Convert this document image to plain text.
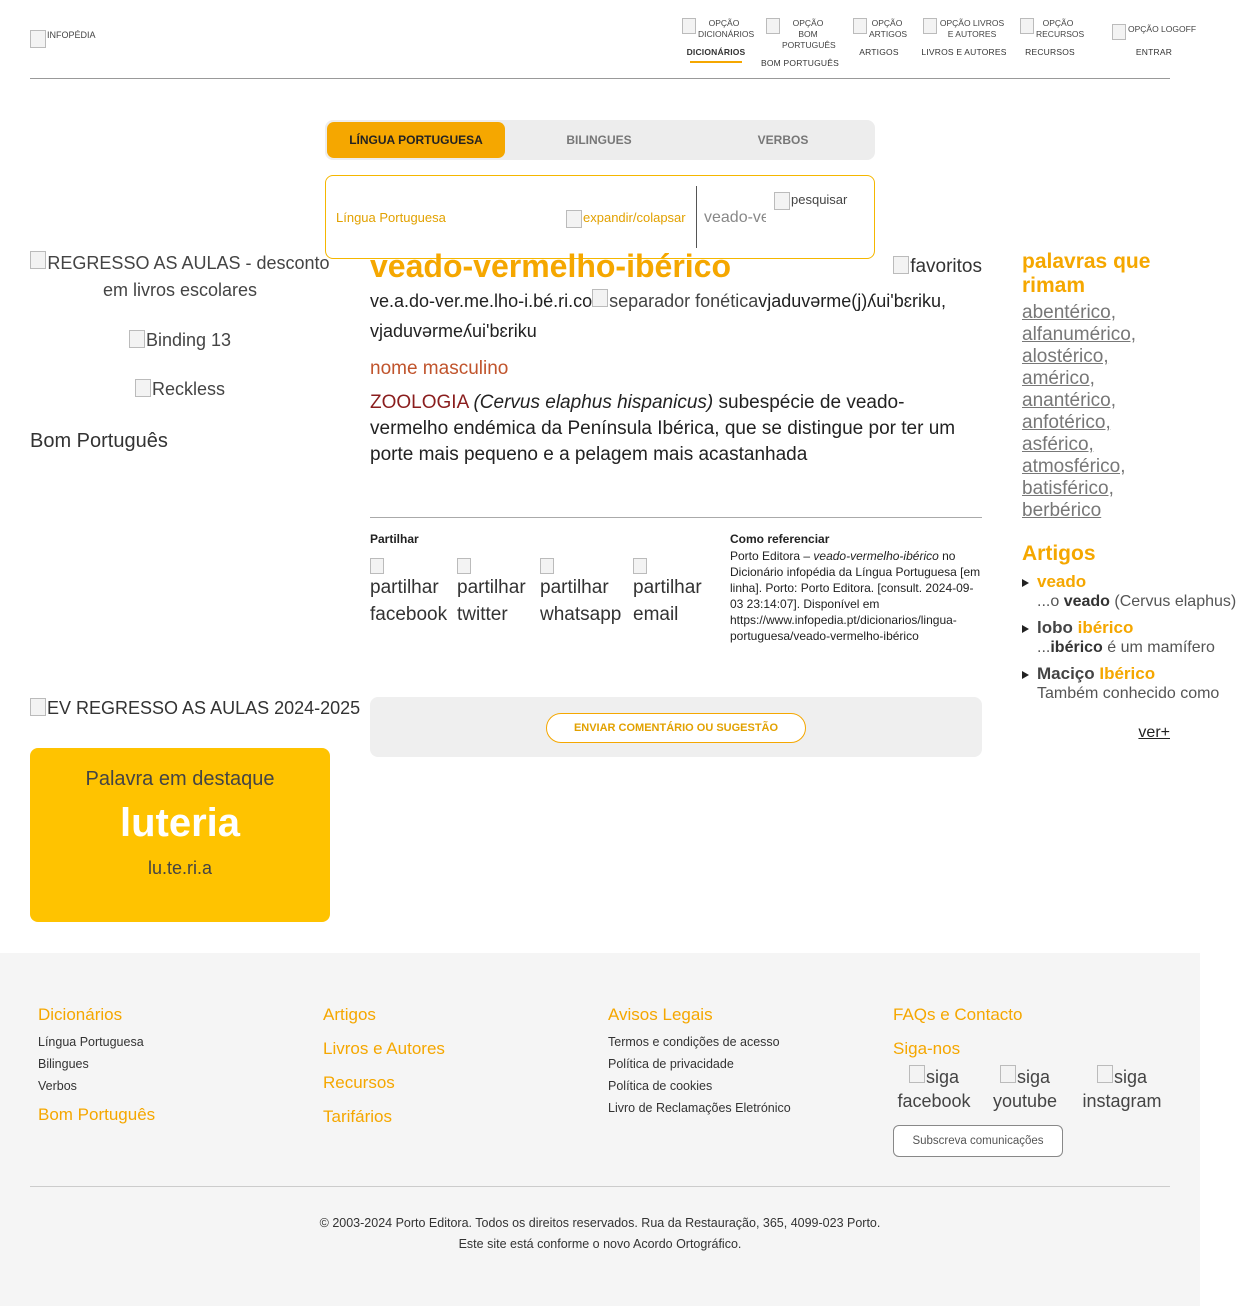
INFOPÉDIA
OPÇÃO DICIONÁRIOS
DICIONÁRIOS
OPÇÃO BOM PORTUGUÊS
BOM PORTUGUÊS
OPÇÃO ARTIGOS
ARTIGOS
OPÇÃO LIVROS E AUTORES
LIVROS E AUTORES
OPÇÃO RECURSOS
RECURSOS
OPÇÃO LOGOFF
ENTRAR
LÍNGUA PORTUGUESA	BILINGUES	VERBOS
Língua Portuguesa	expandir/colapsar
veado-vermelho-ibérico
pesquisar
REGRESSO AS AULAS - desconto em livros escolares
Binding 13
Reckless
Bom Português
EV REGRESSO AS AULAS 2024-2025
Palavra em destaque
luteria
lu.te.ri.a
veado-vermelho-ibérico	favoritos
ve.a.do-ver.me.lho-i.bé.ri.co separador fonéticavjaduvərme(j)ʎui'bɛriku, vjaduvərmeʎui'bɛriku
nome masculino
ZOOLOGIA (Cervus elaphus hispanicus) subespécie de veado-vermelho endémica da Península Ibérica, que se distingue por ter um porte mais pequeno e a pelagem mais acastanhada
Partilhar
partilhar facebook
partilhar twitter
partilhar whatsapp
partilhar email
Como referenciar
Porto Editora – veado-vermelho-ibérico no Dicionário infopédia da Língua Portuguesa [em linha]. Porto: Porto Editora. [consult. 2024-09-03 23:14:07]. Disponível em https://www.infopedia.pt/dicionarios/lingua-portuguesa/veado-vermelho-ibérico
ENVIAR COMENTÁRIO OU SUGESTÃO
palavras que rimam
abentérico,
alfanumérico,
alostérico,
américo,
anantérico,
anfotérico,
asférico,
atmosférico,
batisférico,
berbérico
Artigos
veado
...o veado (Cervus elaphus)
lobo ibérico
...ibérico é um mamífero
Maciço Ibérico
Também conhecido como
ver+
Dicionários
Língua Portuguesa
Bilingues
Verbos
Bom Português
Artigos
Livros e Autores
Recursos
Tarifários
Avisos Legais
Termos e condições de acesso
Política de privacidade
Política de cookies
Livro de Reclamações Eletrónico
FAQs e Contacto
Siga-nos
siga facebook
siga youtube
siga instagram
Subscreva comunicações
© 2003-2024 Porto Editora. Todos os direitos reservados. Rua da Restauração, 365, 4099-023 Porto.
Este site está conforme o novo Acordo Ortográfico.
